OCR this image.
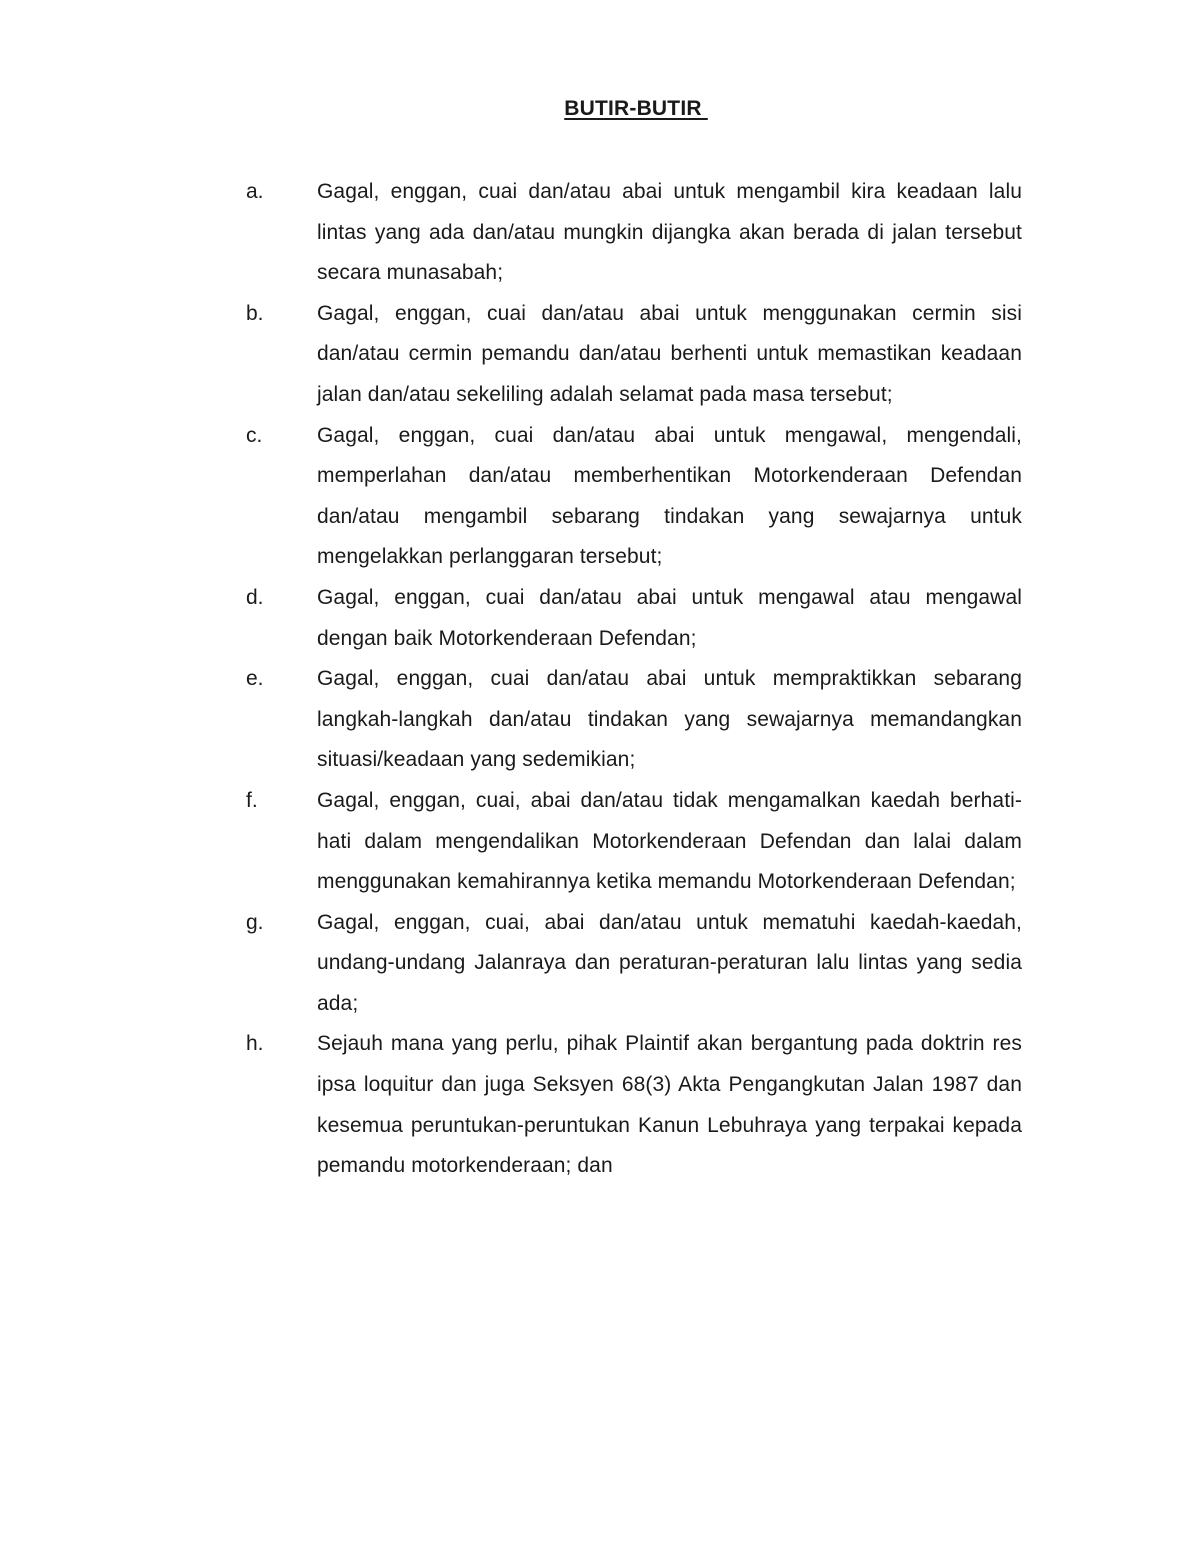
BUTIR-BUTIR
a.	Gagal, enggan, cuai dan/atau abai untuk mengambil kira keadaan lalu lintas yang ada dan/atau mungkin dijangka akan berada di jalan tersebut secara munasabah;
b.	Gagal, enggan, cuai dan/atau abai untuk menggunakan cermin sisi dan/atau cermin pemandu dan/atau berhenti untuk memastikan keadaan jalan dan/atau sekeliling adalah selamat pada masa tersebut;
c.	Gagal, enggan, cuai dan/atau abai untuk mengawal, mengendali, memperlahan dan/atau memberhentikan Motorkenderaan Defendan dan/atau mengambil sebarang tindakan yang sewajarnya untuk mengelakkan perlanggaran tersebut;
d.	Gagal, enggan, cuai dan/atau abai untuk mengawal atau mengawal dengan baik Motorkenderaan Defendan;
e.	Gagal, enggan, cuai dan/atau abai untuk mempraktikkan sebarang langkah-langkah dan/atau tindakan yang sewajarnya memandangkan situasi/keadaan yang sedemikian;
f.	Gagal, enggan, cuai, abai dan/atau tidak mengamalkan kaedah berhati-hati dalam mengendalikan Motorkenderaan Defendan dan lalai dalam menggunakan kemahirannya ketika memandu Motorkenderaan Defendan;
g.	Gagal, enggan, cuai, abai dan/atau untuk mematuhi kaedah-kaedah, undang-undang Jalanraya dan peraturan-peraturan lalu lintas yang sedia ada;
h.	Sejauh mana yang perlu, pihak Plaintif akan bergantung pada doktrin res ipsa loquitur dan juga Seksyen 68(3) Akta Pengangkutan Jalan 1987 dan kesemua peruntukan-peruntukan Kanun Lebuhraya yang terpakai kepada pemandu motorkenderaan; dan
